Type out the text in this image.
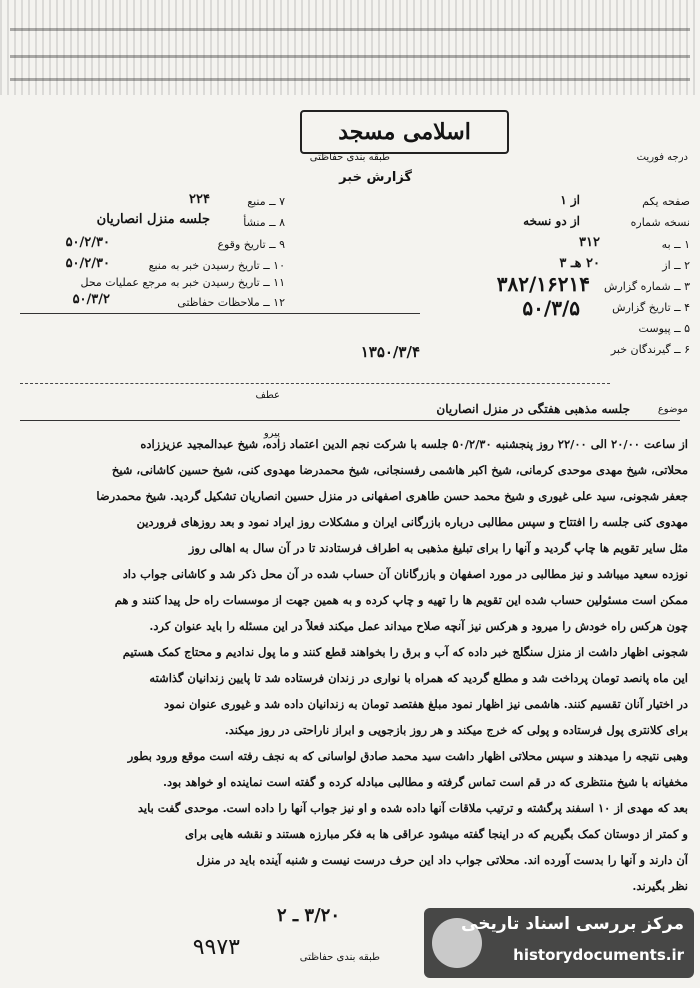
اسلامی مسجد
طبقه بندی حفاظتی
گزارش خبر
درجه فوریت
صفحه یکم
از ۱
نسخه شماره
از دو نسخه
۱ ــ به
۳۱۲
۲ ــ از
۲۰ هـ ۳
۳ ــ شماره گزارش
۳۸۲/۱۶۲۱۴
۴ ــ تاریخ گزارش
۵۰/۳/۵
۵ ــ پیوست
۶ ــ گیرندگان خبر
۷ ــ منبع
۲۲۴
۸ ــ منشأ
جلسه منزل انصاریان
۹ ــ تاریخ وقوع
۵۰/۲/۳۰
۱۰ ــ تاریخ رسیدن خبر به منبع
۵۰/۲/۳۰
۱۱ ــ تاریخ رسیدن خبر به مرجع عملیات محل
۵۰/۳/۲	۱۲ ــ ملاحظات حفاظتی
۱۳۵۰/۳/۴
عطف
پیرو
موضوع
جلسه مذهبی هفتگی در منزل انصاریان
از ساعت ۲۰/۰۰ الی ۲۲/۰۰ روز پنجشنبه ۵۰/۲/۳۰ جلسه با شرکت نجم الدین اعتماد زاده، شیخ عبدالمجید عزیززاده
محلاتی، شیخ مهدی موحدی کرمانی، شیخ اکبر هاشمی رفسنجانی، شیخ محمدرضا مهدوی کنی، شیخ حسین کاشانی، شیخ
جعفر شجونی، سید علی غیوری و شیخ محمد حسن طاهری اصفهانی در منزل حسین انصاریان تشکیل گردید. شیخ محمدرضا
مهدوی کنی جلسه را افتتاح و سپس مطالبی درباره بازرگانی ایران و مشکلات روز ایراد نمود و بعد روزهای فروردین
مثل سایر تقویم ها چاپ گردید و آنها را برای تبلیغ مذهبی به اطراف فرستادند تا در آن سال به اهالی روز
نوزده سعید میباشد و نیز مطالبی در مورد اصفهان و بازرگانان آن حساب شده در آن محل ذکر شد و کاشانی جواب داد
ممکن است مسئولین حساب شده این تقویم ها را تهیه و چاپ کرده و به همین جهت از موسسات راه حل پیدا کنند و هم
چون هرکس راه خودش را میرود و هرکس نیز آنچه صلاح میداند عمل میکند فعلاً در این مسئله را باید عنوان کرد.
شجونی اظهار داشت از منزل سنگلج خبر داده که آب و برق را بخواهند قطع کنند و ما پول ندادیم و محتاج کمک هستیم
این ماه پانصد تومان پرداخت شد و مطلع گردید که همراه با نواری در زندان فرستاده شد تا پایین زندانیان گذاشته
در اختیار آنان تقسیم کنند. هاشمی نیز اظهار نمود مبلغ هفتصد تومان به زندانیان داده شد و غیوری عنوان نمود
برای کلانتری پول فرستاده و پولی که خرج میکند و هر روز بازجویی و ابراز ناراحتی در روز میکند.
وهبی نتیجه را میدهند و سپس محلاتی اظهار داشت سید محمد صادق لواسانی که به نجف رفته است موقع ورود بطور
مخفیانه با شیخ منتظری که در قم است تماس گرفته و مطالبی مبادله کرده و گفته است نماینده او خواهد بود.
بعد که مهدی از ۱۰ اسفند پرگشته و ترتیب ملاقات آنها داده شده و او نیز جواب آنها را داده است. موحدی گفت باید
و کمتر از دوستان کمک بگیریم که در اینجا گفته میشود عراقی ها به فکر مبارزه هستند و نقشه هایی برای
آن دارند و آنها را بدست آورده اند. محلاتی جواب داد این حرف درست نیست و شنبه آینده باید در منزل
نظر بگیرند.
۳/۲۰ ـ ۲
۹۹۷۳	طبقه بندی حفاظتی
مرکز بررسی اسناد تاریخی
historydocuments.ir
